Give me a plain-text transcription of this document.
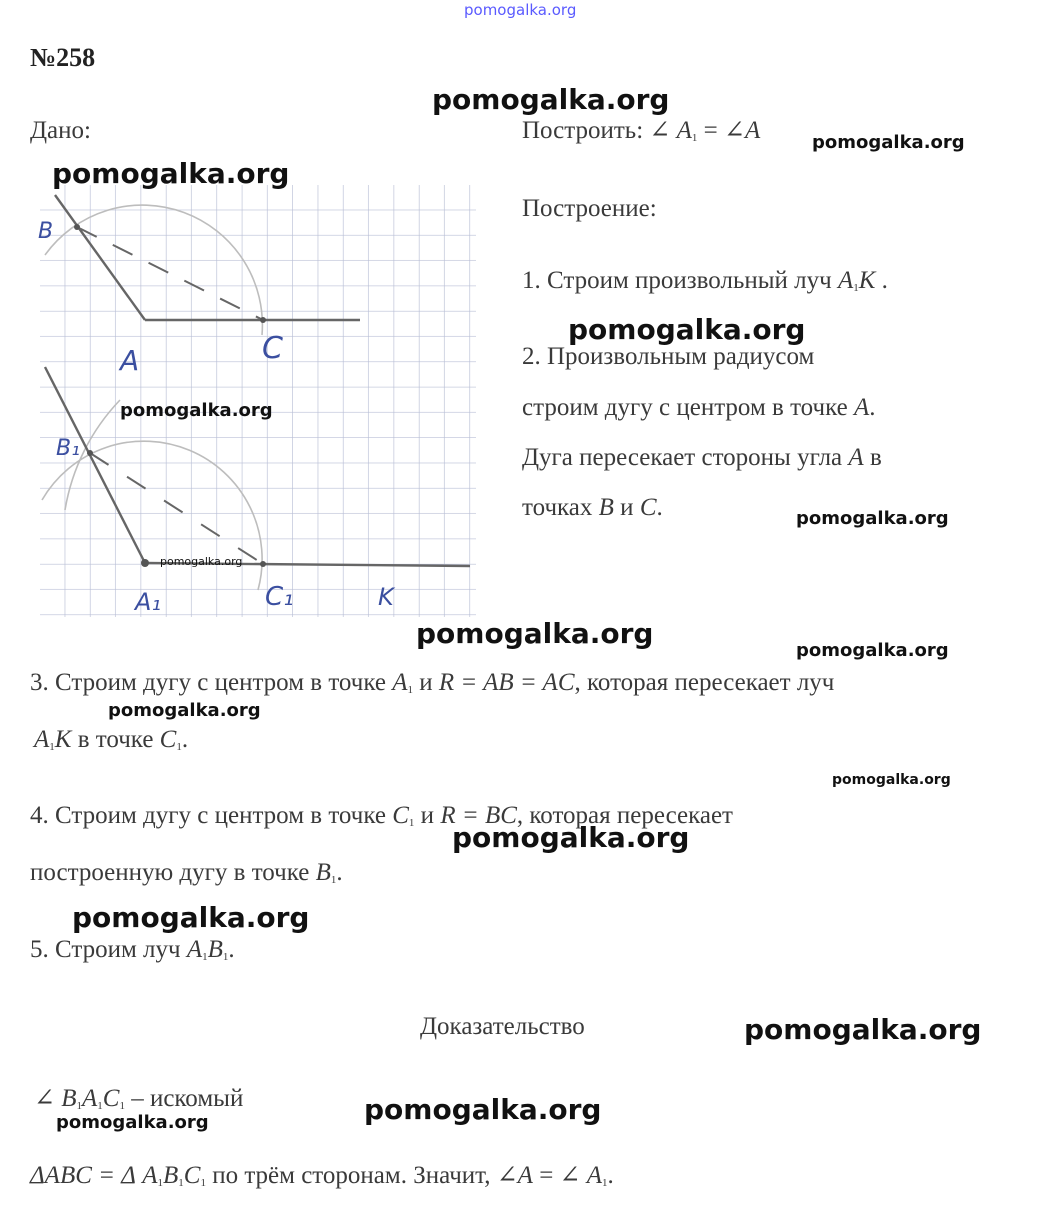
pomogalka.org
№258
Дано:	Построить: ∠ $A_1$ = ∠A
Построение:
1. Строим произвольный луч $A_1K$ .
2. Произвольным радиусом
строим дугу с центром в точке A.
Дуга пересекает стороны угла A в
точках B и C.
B
A	C
B₁
A₁	C₁	K
3. Строим дугу с центром в точке $A_1$ и R = AB = AC, которая пересекает луч
$A_1K$ в точке $C_1$.
4. Строим дугу с центром в точке $C_1$ и R = BC, которая пересекает
построенную дугу в точке $B_1$.
5. Строим луч $A_1B_1$.
Доказательство
∠ $B_1A_1C_1$ – искомый
ΔABC = Δ $A_1B_1C_1$ по трём сторонам. Значит, ∠A = ∠ $A_1$.
pomogalka.org
pomogalka.org
pomogalka.org
pomogalka.org
pomogalka.org
pomogalka.org
pomogalka.org
pomogalka.org
pomogalka.org
pomogalka.org
pomogalka.org
pomogalka.org
pomogalka.org
pomogalka.org
pomogalka.org
pomogalka.org
